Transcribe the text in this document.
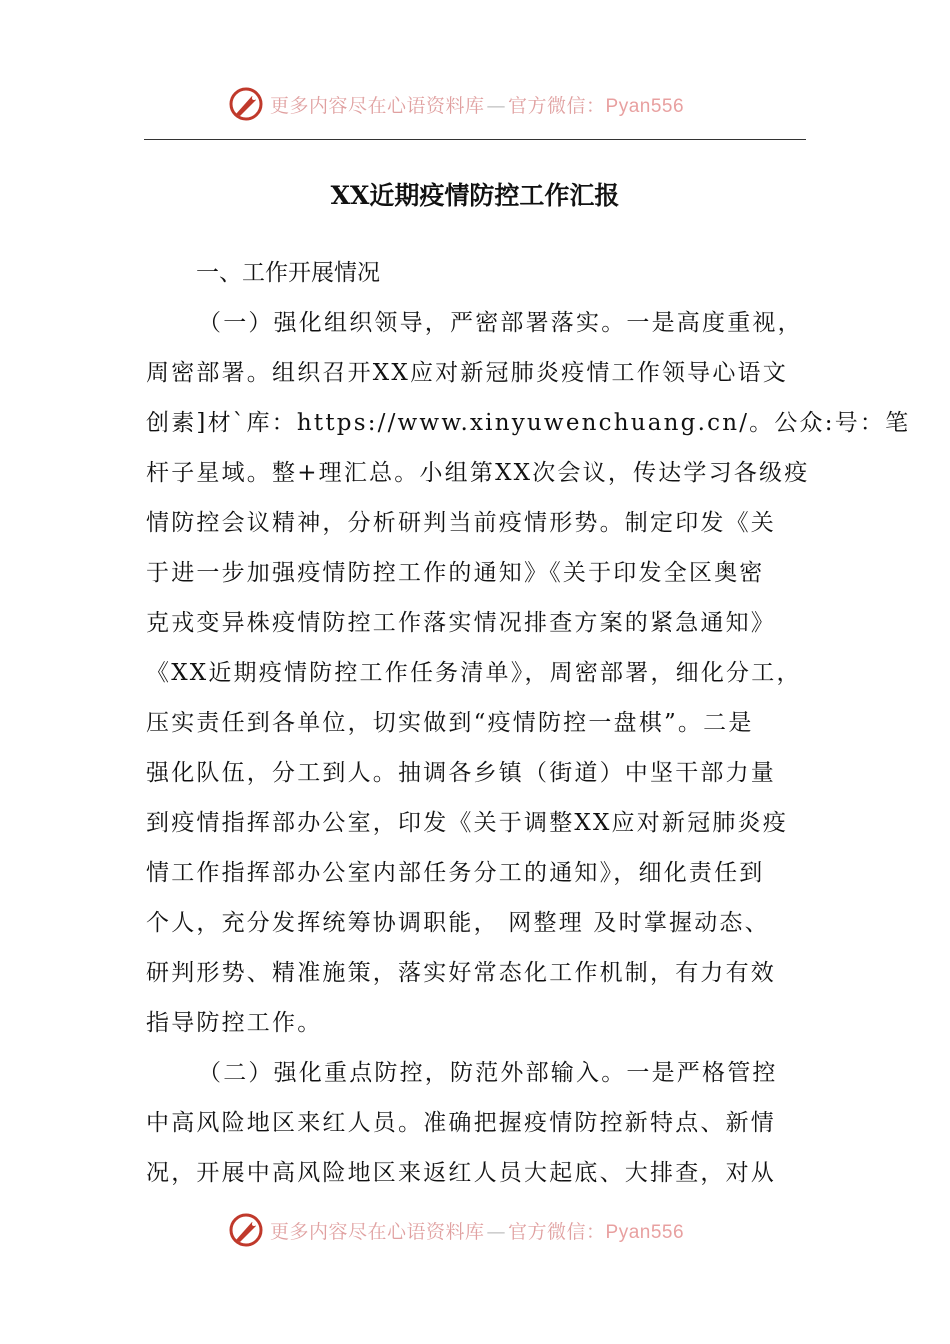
更多内容尽在心语资料库 — 官方微信：Pyan556
XX近期疫情防控工作汇报
一、工作开展情况
（一）强化组织领导，严密部署落实。一是高度重视，
周密部署。组织召开XX应对新冠肺炎疫情工作领导心语文
创素]材`库：https://www.xinyuwenchuang.cn/。公众:号：笔
杆子星域。整+理汇总。小组第XX次会议，传达学习各级疫
情防控会议精神，分析研判当前疫情形势。制定印发《关
于进一步加强疫情防控工作的通知》《关于印发全区奥密
克戎变异株疫情防控工作落实情况排查方案的紧急通知》
《XX近期疫情防控工作任务清单》，周密部署，细化分工，
压实责任到各单位，切实做到“疫情防控一盘棋”。二是
强化队伍，分工到人。抽调各乡镇（街道）中坚干部力量
到疫情指挥部办公室，印发《关于调整XX应对新冠肺炎疫
情工作指挥部办公室内部任务分工的通知》，细化责任到
个人，充分发挥统筹协调职能， 网整理 及时掌握动态、
研判形势、精准施策，落实好常态化工作机制，有力有效
指导防控工作。
（二）强化重点防控，防范外部输入。一是严格管控
中高风险地区来红人员。准确把握疫情防控新特点、新情
况，开展中高风险地区来返红人员大起底、大排查，对从
更多内容尽在心语资料库 — 官方微信：Pyan556
